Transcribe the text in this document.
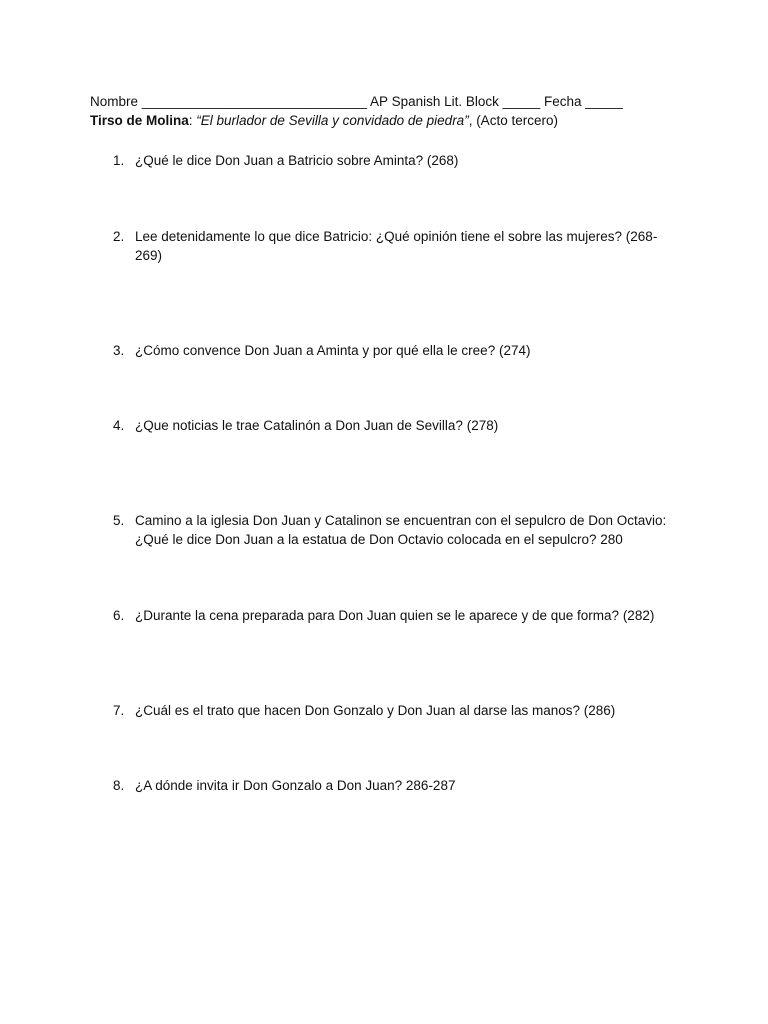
Nombre ______________________________ AP Spanish Lit. Block _____ Fecha _____
Tirso de Molina: “El burlador de Sevilla y convidado de piedra”, (Acto tercero)
1. ¿Qué le dice Don Juan a Batricio sobre Aminta? (268)
2. Lee detenidamente lo que dice Batricio: ¿Qué opinión tiene el sobre las mujeres? (268-269)
3. ¿Cómo convence Don Juan a Aminta y por qué ella le cree? (274)
4. ¿Que noticias le trae Catalinón a Don Juan de Sevilla? (278)
5. Camino a la iglesia Don Juan y Catalinon se encuentran con el sepulcro de Don Octavio: ¿Qué le dice Don Juan a la estatua de Don Octavio colocada en el sepulcro? 280
6. ¿Durante la cena preparada para Don Juan quien se le aparece y de que forma? (282)
7. ¿Cuál es el trato que hacen Don Gonzalo y Don Juan al darse las manos? (286)
8. ¿A dónde invita ir Don Gonzalo a Don Juan? 286-287
